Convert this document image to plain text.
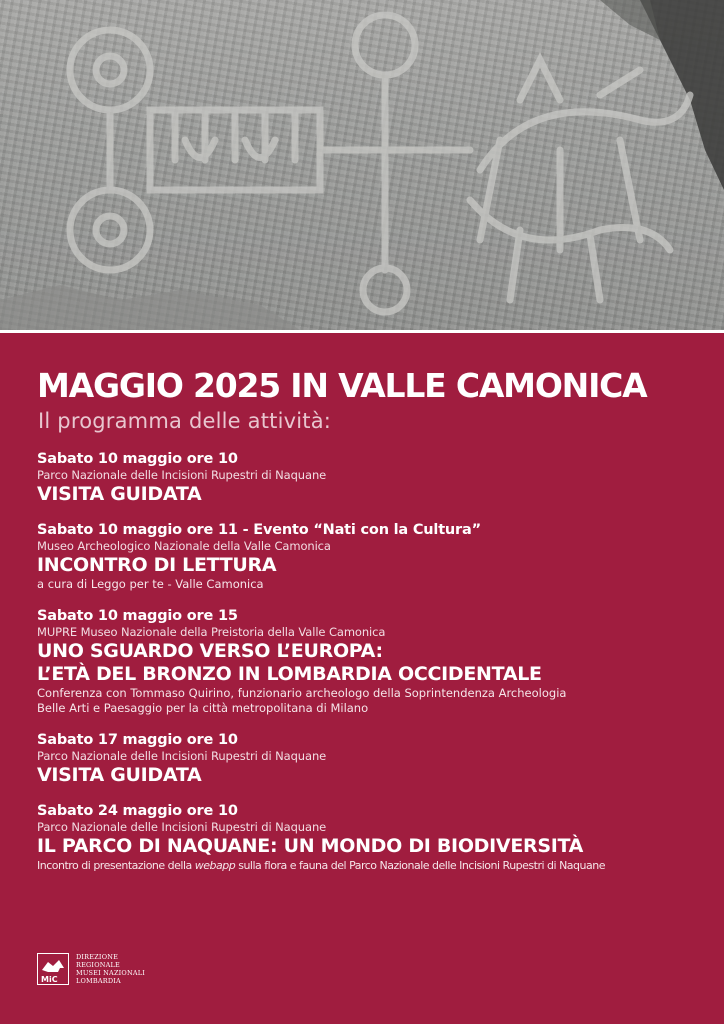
MAGGIO 2025 IN VALLE CAMONICA
Il programma delle attività:
Sabato 10 maggio ore 10
Parco Nazionale delle Incisioni Rupestri di Naquane
VISITA GUIDATA
Sabato 10 maggio ore 11 - Evento “Nati con la Cultura”
Museo Archeologico Nazionale della Valle Camonica
INCONTRO DI LETTURA
a cura di Leggo per te - Valle Camonica
Sabato 10 maggio ore 15
MUPRE Museo Nazionale della Preistoria della Valle Camonica
UNO SGUARDO VERSO L’EUROPA:
L’ETÀ DEL BRONZO IN LOMBARDIA OCCIDENTALE
Conferenza con Tommaso Quirino, funzionario archeologo della Soprintendenza Archeologia
Belle Arti e Paesaggio per la città metropolitana di Milano
Sabato 17 maggio ore 10
Parco Nazionale delle Incisioni Rupestri di Naquane
VISITA GUIDATA
Sabato 24 maggio ore 10
Parco Nazionale delle Incisioni Rupestri di Naquane
IL PARCO DI NAQUANE: UN MONDO DI BIODIVERSITÀ
Incontro di presentazione della webapp sulla flora e fauna del Parco Nazionale delle Incisioni Rupestri di Naquane
MiC
DIREZIONE
REGIONALE
MUSEI NAZIONALI
LOMBARDIA
